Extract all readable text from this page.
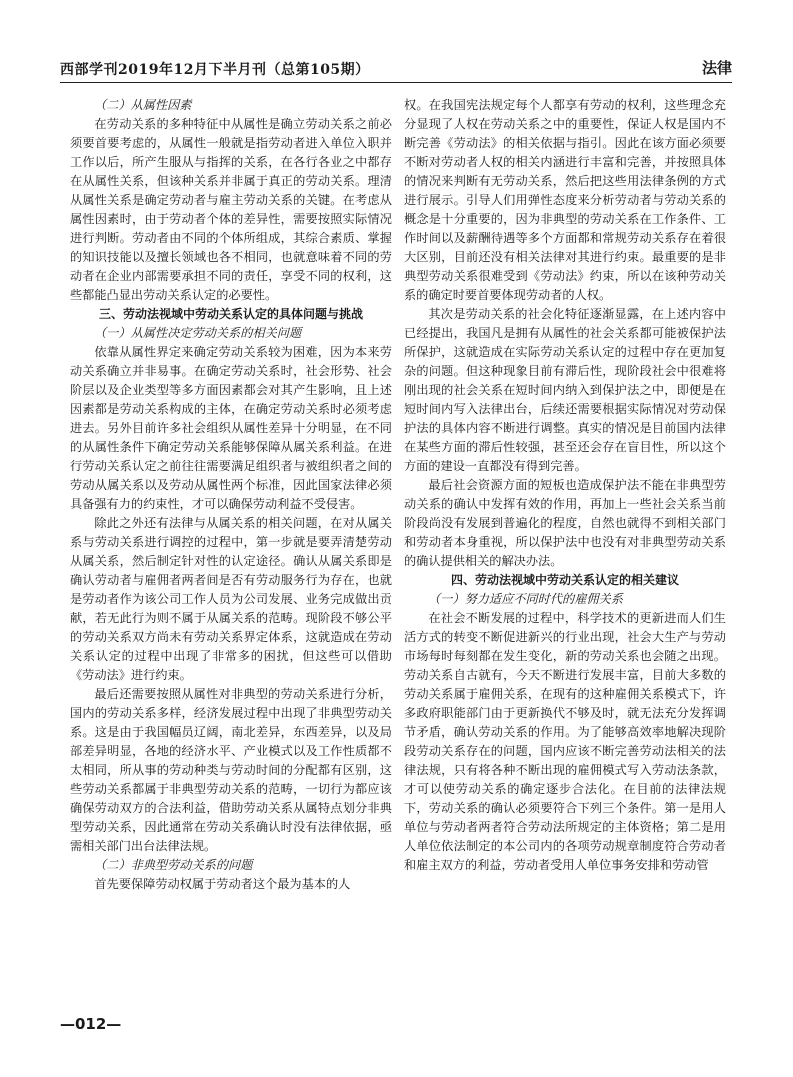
西部学刊2019年12月下半月刊（总第105期）	法律

（二）从属性因素

在劳动关系的多种特征中从属性是确立劳动关系之前必须要首要考虑的，从属性一般就是指劳动者进入单位入职并工作以后，所产生服从与指挥的关系，在各行各业之中都存在从属性关系，但该种关系并非属于真正的劳动关系。理清从属性关系是确定劳动者与雇主劳动关系的关键。在考虑从属性因素时，由于劳动者个体的差异性，需要按照实际情况进行判断。劳动者由不同的个体所组成，其综合素质、掌握的知识技能以及擅长领域也各不相同，也就意味着不同的劳动者在企业内部需要承担不同的责任，享受不同的权利，这些都能凸显出劳动关系认定的必要性。

三、劳动法视域中劳动关系认定的具体问题与挑战

（一）从属性决定劳动关系的相关问题

依靠从属性界定来确定劳动关系较为困难，因为本来劳动关系确立并非易事。在确定劳动关系时，社会形势、社会阶层以及企业类型等多方面因素都会对其产生影响，且上述因素都是劳动关系构成的主体，在确定劳动关系时必须考虑进去。另外目前许多社会组织从属性差异十分明显，在不同的从属性条件下确定劳动关系能够保障从属关系利益。在进行劳动关系认定之前往往需要满足组织者与被组织者之间的劳动从属关系以及劳动从属性两个标准，因此国家法律必须具备强有力的约束性，才可以确保劳动利益不受侵害。

除此之外还有法律与从属关系的相关问题，在对从属关系与劳动关系进行调控的过程中，第一步就是要弄清楚劳动从属关系，然后制定针对性的认定途径。确认从属关系即是确认劳动者与雇佣者两者间是否有劳动服务行为存在，也就是劳动者作为该公司工作人员为公司发展、业务完成做出贡献，若无此行为则不属于从属关系的范畴。现阶段不够公平的劳动关系双方尚未有劳动关系界定体系，这就造成在劳动关系认定的过程中出现了非常多的困扰，但这些可以借助《劳动法》进行约束。

最后还需要按照从属性对非典型的劳动关系进行分析，国内的劳动关系多样，经济发展过程中出现了非典型劳动关系。这是由于我国幅员辽阔，南北差异，东西差异，以及局部差异明显，各地的经济水平、产业模式以及工作性质都不太相同，所从事的劳动种类与劳动时间的分配都有区别，这些劳动关系都属于非典型劳动关系的范畴，一切行为都应该确保劳动双方的合法利益，借助劳动关系从属特点划分非典型劳动关系，因此通常在劳动关系确认时没有法律依据，亟需相关部门出台法律法规。

（二）非典型劳动关系的问题

首先要保障劳动权属于劳动者这个最为基本的人

权。在我国宪法规定每个人都享有劳动的权利，这些理念充分显现了人权在劳动关系之中的重要性，保证人权是国内不断完善《劳动法》的相关依据与指引。因此在该方面必须要不断对劳动者人权的相关内涵进行丰富和完善，并按照具体的情况来判断有无劳动关系，然后把这些用法律条例的方式进行展示。引导人们用弹性态度来分析劳动者与劳动关系的概念是十分重要的，因为非典型的劳动关系在工作条件、工作时间以及薪酬待遇等多个方面都和常规劳动关系存在着很大区别，目前还没有相关法律对其进行约束。最重要的是非典型劳动关系很难受到《劳动法》约束，所以在该种劳动关系的确定时要首要体现劳动者的人权。

其次是劳动关系的社会化特征逐渐显露，在上述内容中已经提出，我国凡是拥有从属性的社会关系都可能被保护法所保护，这就造成在实际劳动关系认定的过程中存在更加复杂的问题。但这种现象目前有滞后性，现阶段社会中很难将刚出现的社会关系在短时间内纳入到保护法之中，即便是在短时间内写入法律出台，后续还需要根据实际情况对劳动保护法的具体内容不断进行调整。真实的情况是目前国内法律在某些方面的滞后性较强，甚至还会存在盲目性，所以这个方面的建设一直都没有得到完善。

最后社会资源方面的短板也造成保护法不能在非典型劳动关系的确认中发挥有效的作用，再加上一些社会关系当前阶段尚没有发展到普遍化的程度，自然也就得不到相关部门和劳动者本身重视，所以保护法中也没有对非典型劳动关系的确认提供相关的解决办法。

四、劳动法视域中劳动关系认定的相关建议

（一）努力适应不同时代的雇佣关系

在社会不断发展的过程中，科学技术的更新进而人们生活方式的转变不断促进新兴的行业出现，社会大生产与劳动市场每时每刻都在发生变化，新的劳动关系也会随之出现。劳动关系自古就有，今天不断进行发展丰富，目前大多数的劳动关系属于雇佣关系，在现有的这种雇佣关系模式下，许多政府职能部门由于更新换代不够及时，就无法充分发挥调节矛盾，确认劳动关系的作用。为了能够高效率地解决现阶段劳动关系存在的问题，国内应该不断完善劳动法相关的法律法规，只有将各种不断出现的雇佣模式写入劳动法条款，才可以使劳动关系的确定逐步合法化。在目前的法律法规下，劳动关系的确认必须要符合下列三个条件。第一是用人单位与劳动者两者符合劳动法所规定的主体资格；第二是用人单位依法制定的本公司内的各项劳动规章制度符合劳动者和雇主双方的利益，劳动者受用人单位事务安排和劳动管

—012—
